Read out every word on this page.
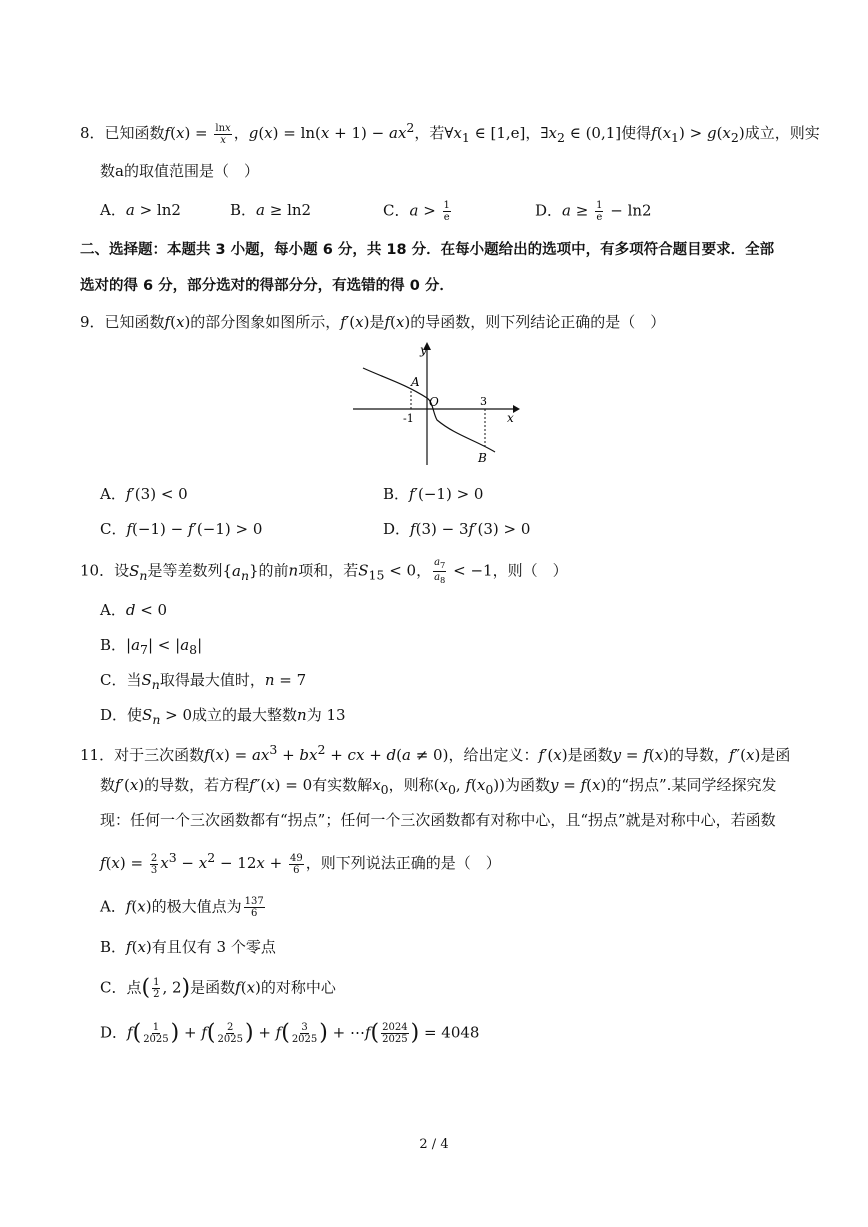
8．已知函数$f(x) = \frac{\ln x}{x}$ ，$g(x) = \ln(x + 1) - ax^2$，若$\forall x_1$ ∈ [1,e]，$\exists x_2$ ∈ (0,1]使得$f(x_1) > g(x_2)$成立，则实
数a的取值范围是（　）
A．a > ln2	B．a ≥ ln2	C．$a > \frac{1}{e}$	D．$a \ge \frac{1}{e} - \ln 2$
二、选择题：本题共 3 小题，每小题 6 分，共 18 分．在每小题给出的选项中，有多项符合题目要求．全部
选对的得 6 分，部分选对的得部分分，有选错的得 0 分．
9．已知函数f(x)的部分图象如图所示，f′(x)是f(x)的导函数，则下列结论正确的是（　）
y
x
A
O
-1
3
B
A．f′(3) < 0	B．f′(−1) > 0
C．f(−1) − f′(−1) > 0	D．f(3) − 3f′(3) > 0
10．设$S_n$是等差数列$\{a_n\}$的前n项和，若$S_{15} < 0$， $\frac{a_7}{a_8} < -1$，则（　）
A．d < 0
B．$|a_7| < |a_8|$
C．当$S_n$取得最大值时，n = 7
D．使$S_n > 0$成立的最大整数n为 13
11．对于三次函数$f(x) = ax^3 + bx^2$ + cx + d(a ≠ 0)，给出定义：f′(x)是函数y = f(x)的导数，f″(x)是函
数f′(x)的导数，若方程f″(x) = 0有实数解$x_0$，则称($x_0$, $f(x_0)$)为函数y = f(x)的“拐点”.某同学经探究发
现：任何一个三次函数都有“拐点”；任何一个三次函数都有对称中心，且“拐点”就是对称中心，若函数
$f(x) = \frac{2}{3} x^3 - x^2 - 12x + \frac{49}{6}$ ，则下列说法正确的是（　）
A．f(x)的极大值点为 $\frac{137}{6}$
B．f(x)有且仅有 3 个零点
C．点( $\frac{1}{2}$ , 2)是函数f(x)的对称中心
D．$f( \frac{1}{2025}$ ) + $f( \frac{2}{2025}$ ) + $f( \frac{3}{2025}$ ) + ⋯f( $\frac{2024}{2025}$ ) = 4048
2 / 4
